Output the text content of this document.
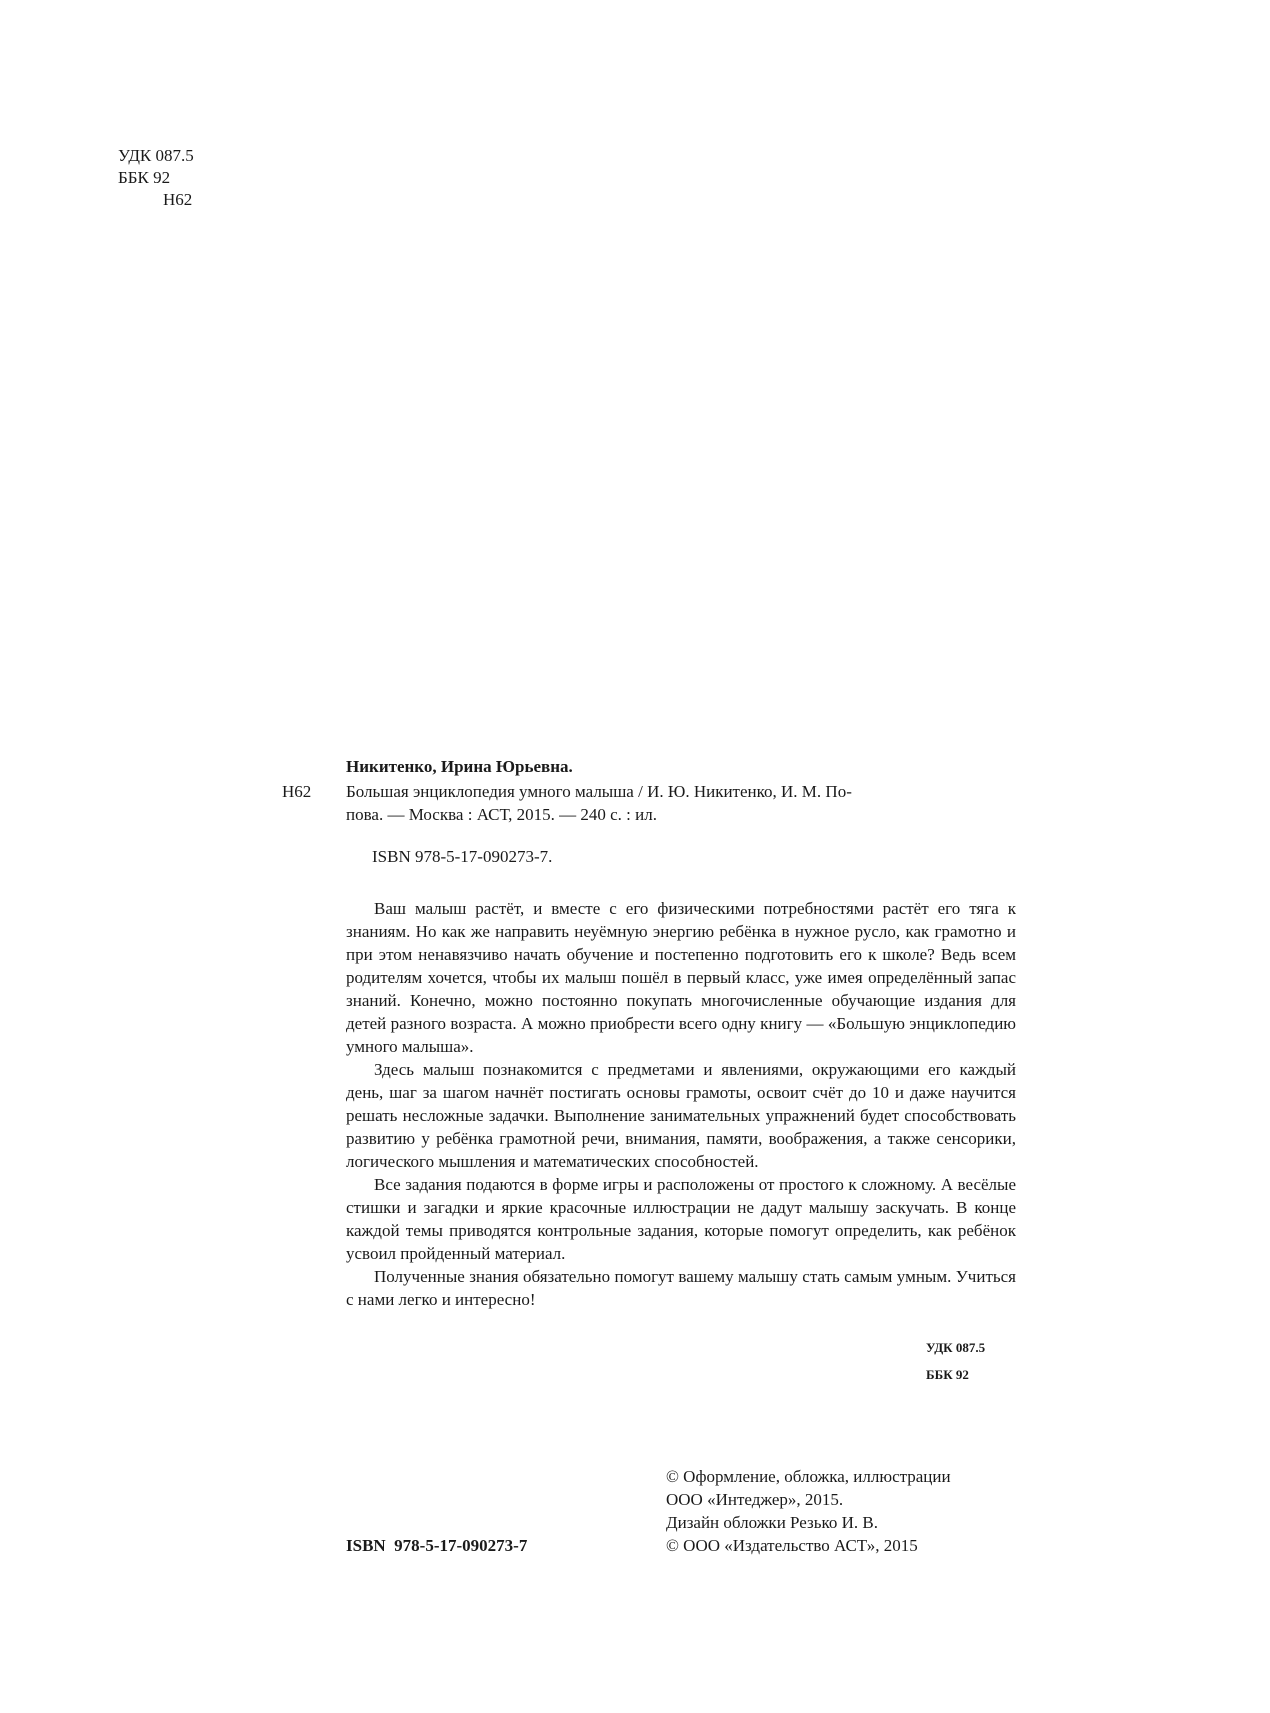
УДК 087.5
ББК 92
Н62
Никитенко, Ирина Юрьевна.
Н62 Большая энциклопедия умного малыша / И. Ю. Никитенко, И. М. По-
пова. — Москва : АСТ, 2015. — 240 с. : ил.
ISBN 978-5-17-090273-7.

Ваш малыш растёт, и вместе с его физическими потребностями растёт его тяга к знаниям. Но как же направить неуёмную энергию ребёнка в нужное русло, как грамотно и при этом ненавязчиво начать обучение и постепенно подготовить его к школе? Ведь всем родителям хочется, чтобы их малыш пошёл в первый класс, уже имея определённый запас знаний. Конечно, можно постоянно покупать многочисленные обучающие издания для детей разного возраста. А можно приобрести всего одну книгу — «Большую энциклопедию умного малыша».

Здесь малыш познакомится с предметами и явлениями, окружающими его каждый день, шаг за шагом начнёт постигать основы грамоты, освоит счёт до 10 и даже научится решать несложные задачки. Выполнение занимательных упражнений будет способствовать развитию у ребёнка грамотной речи, внимания, памяти, воображения, а также сенсорики, логического мышления и математических способностей.

Все задания подаются в форме игры и расположены от простого к сложному. А весёлые стишки и загадки и яркие красочные иллюстрации не дадут малышу заскучать. В конце каждой темы приводятся контрольные задания, которые помогут определить, как ребёнок усвоил пройденный материал.

Полученные знания обязательно помогут вашему малышу стать самым умным. Учиться с нами легко и интересно!

УДК 087.5
ББК 92
© Оформление, обложка, иллюстрации
ООО «Интеджер», 2015.
Дизайн обложки Резько И. В.
© ООО «Издательство АСТ», 2015
ISBN  978-5-17-090273-7
